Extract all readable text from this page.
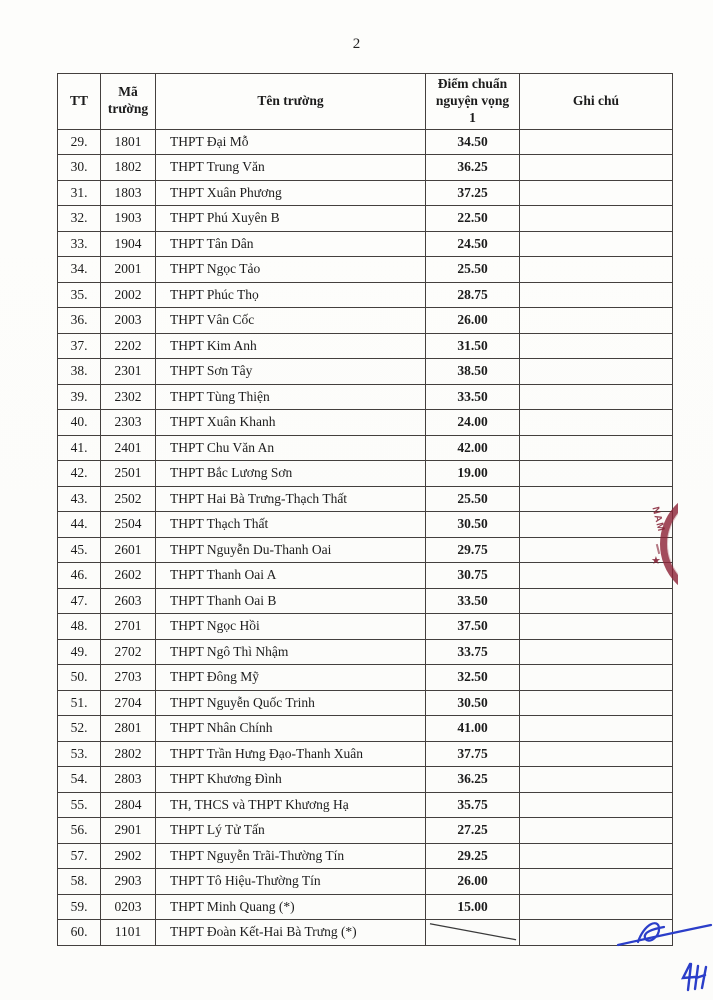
2
TT	Mã trường	Tên trường	Điểm chuẩn nguyện vọng 1	Ghi chú
29.	1801	THPT Đại Mỗ	34.50	
30.	1802	THPT Trung Văn	36.25	
31.	1803	THPT Xuân Phương	37.25	
32.	1903	THPT Phú Xuyên B	22.50	
33.	1904	THPT Tân Dân	24.50	
34.	2001	THPT Ngọc Tảo	25.50	
35.	2002	THPT Phúc Thọ	28.75	
36.	2003	THPT Vân Cốc	26.00	
37.	2202	THPT Kim Anh	31.50	
38.	2301	THPT Sơn Tây	38.50	
39.	2302	THPT Tùng Thiện	33.50	
40.	2303	THPT Xuân Khanh	24.00	
41.	2401	THPT Chu Văn An	42.00	
42.	2501	THPT Bắc Lương Sơn	19.00	
43.	2502	THPT Hai Bà Trưng-Thạch Thất	25.50	
44.	2504	THPT Thạch Thất	30.50	
45.	2601	THPT Nguyễn Du-Thanh Oai	29.75	
46.	2602	THPT Thanh Oai A	30.75	
47.	2603	THPT Thanh Oai B	33.50	
48.	2701	THPT Ngọc Hồi	37.50	
49.	2702	THPT Ngô Thì Nhậm	33.75	
50.	2703	THPT Đông Mỹ	32.50	
51.	2704	THPT Nguyễn Quốc Trinh	30.50	
52.	2801	THPT Nhân Chính	41.00	
53.	2802	THPT Trần Hưng Đạo-Thanh Xuân	37.75	
54.	2803	THPT Khương Đình	36.25	
55.	2804	TH, THCS và THPT Khương Hạ	35.75	
56.	2901	THPT Lý Tử Tấn	27.25	
57.	2902	THPT Nguyễn Trãi-Thường Tín	29.25	
58.	2903	THPT Tô Hiệu-Thường Tín	26.00	
59.	0203	THPT Minh Quang (*)	15.00	
60.	1101	THPT Đoàn Kết-Hai Bà Trưng (*)	

NAM
★
